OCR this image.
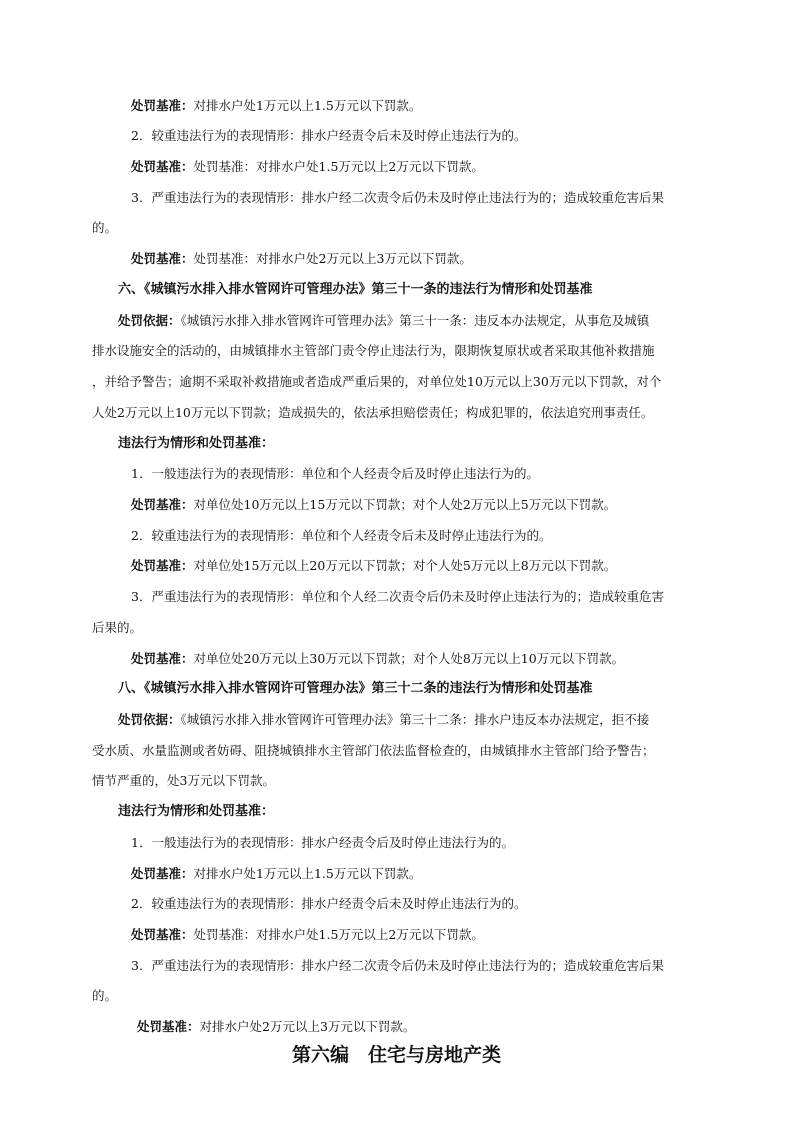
处罚基准：对排水户处1万元以上1.5万元以下罚款。
2．较重违法行为的表现情形：排水户经责令后未及时停止违法行为的。
处罚基准：处罚基准：对排水户处1.5万元以上2万元以下罚款。
3．严重违法行为的表现情形：排水户经二次责令后仍未及时停止违法行为的；造成较重危害后果
的。
处罚基准：处罚基准：对排水户处2万元以上3万元以下罚款。
六、《城镇污水排入排水管网许可管理办法》第三十一条的违法行为情形和处罚基准
处罚依据：《城镇污水排入排水管网许可管理办法》第三十一条：违反本办法规定，从事危及城镇
排水设施安全的活动的，由城镇排水主管部门责令停止违法行为，限期恢复原状或者采取其他补救措施
，并给予警告；逾期不采取补救措施或者造成严重后果的，对单位处10万元以上30万元以下罚款，对个
人处2万元以上10万元以下罚款；造成损失的，依法承担赔偿责任；构成犯罪的，依法追究刑事责任。
违法行为情形和处罚基准：
1．一般违法行为的表现情形：单位和个人经责令后及时停止违法行为的。
处罚基准：对单位处10万元以上15万元以下罚款；对个人处2万元以上5万元以下罚款。
2．较重违法行为的表现情形：单位和个人经责令后未及时停止违法行为的。
处罚基准：对单位处15万元以上20万元以下罚款；对个人处5万元以上8万元以下罚款。
3．严重违法行为的表现情形：单位和个人经二次责令后仍未及时停止违法行为的；造成较重危害
后果的。
处罚基准：对单位处20万元以上30万元以下罚款；对个人处8万元以上10万元以下罚款。
八、《城镇污水排入排水管网许可管理办法》第三十二条的违法行为情形和处罚基准
处罚依据：《城镇污水排入排水管网许可管理办法》第三十二条：排水户违反本办法规定，拒不接
受水质、水量监测或者妨碍、阻挠城镇排水主管部门依法监督检查的，由城镇排水主管部门给予警告；
情节严重的，处3万元以下罚款。
违法行为情形和处罚基准：
1．一般违法行为的表现情形：排水户经责令后及时停止违法行为的。
处罚基准：对排水户处1万元以上1.5万元以下罚款。
2．较重违法行为的表现情形：排水户经责令后未及时停止违法行为的。
处罚基准：处罚基准：对排水户处1.5万元以上2万元以下罚款。
3．严重违法行为的表现情形：排水户经二次责令后仍未及时停止违法行为的；造成较重危害后果
的。
处罚基准：对排水户处2万元以上3万元以下罚款。
第六编　住宅与房地产类
